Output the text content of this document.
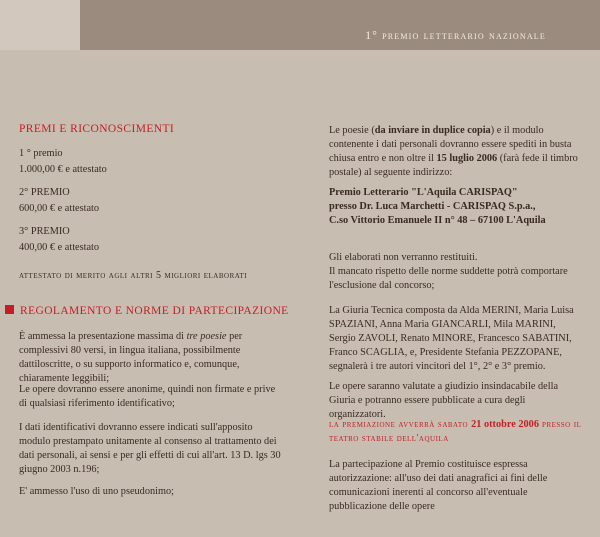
1° premio letterario nazionale
PREMI E RICONOSCIMENTI
1 ° premio
1.000,00 € e attestato
2° PREMIO
600,00 € e attestato
3° PREMIO
400,00 € e attestato
attestato di merito agli altri 5 migliori elaborati
REGOLAMENTO E NORME DI PARTECIPAZIONE

È ammessa la presentazione massima di tre poesie per complessivi 80 versi, in lingua italiana, possibilmente dattiloscritte, o su supporto informatico e, comunque, chiaramente leggibili;

Le opere dovranno essere anonime, quindi non firmate e prive di qualsiasi riferimento identificativo;

I dati identificativi dovranno essere indicati sull'apposito modulo prestampato unitamente al consenso al trattamento dei dati personali, ai sensi e per gli effetti di cui all'art. 13 D. lgs 30 giugno 2003 n.196;

E' ammesso l'uso di uno pseudonimo;

Le poesie (da inviare in duplice copia) e il modulo contenente i dati personali dovranno essere spediti in busta chiusa entro e non oltre il 15 luglio 2006 (farà fede il timbro postale) al seguente indirizzo:

Premio Letterario "L'Aquila CARISPAQ"
presso Dr. Luca Marchetti - CARISPAQ S.p.a.,
C.so Vittorio Emanuele II n° 48 – 67100 L'Aquila

Gli elaborati non verranno restituiti.

Il mancato rispetto delle norme suddette potrà comportare l'esclusione dal concorso;

La Giuria Tecnica composta da Alda MERINI, Maria Luisa SPAZIANI, Anna Maria GIANCARLI, Mila MARINI, Sergio ZAVOLI, Renato MINORE, Francesco SABATINI, Franco SCAGLIA, e, Presidente Stefania PEZZOPANE, segnalerà i tre autori vincitori del 1°, 2° e 3° premio.

Le opere saranno valutate a giudizio insindacabile della Giuria e potranno essere pubblicate a cura degli organizzatori.

la premiazione avverrà sabato 21 ottobre 2006 presso il
teatro stabile dell'aquila

La partecipazione al Premio costituisce espressa autorizzazione: all'uso dei dati anagrafici ai fini delle comunicazioni inerenti al concorso all'eventuale pubblicazione delle opere
